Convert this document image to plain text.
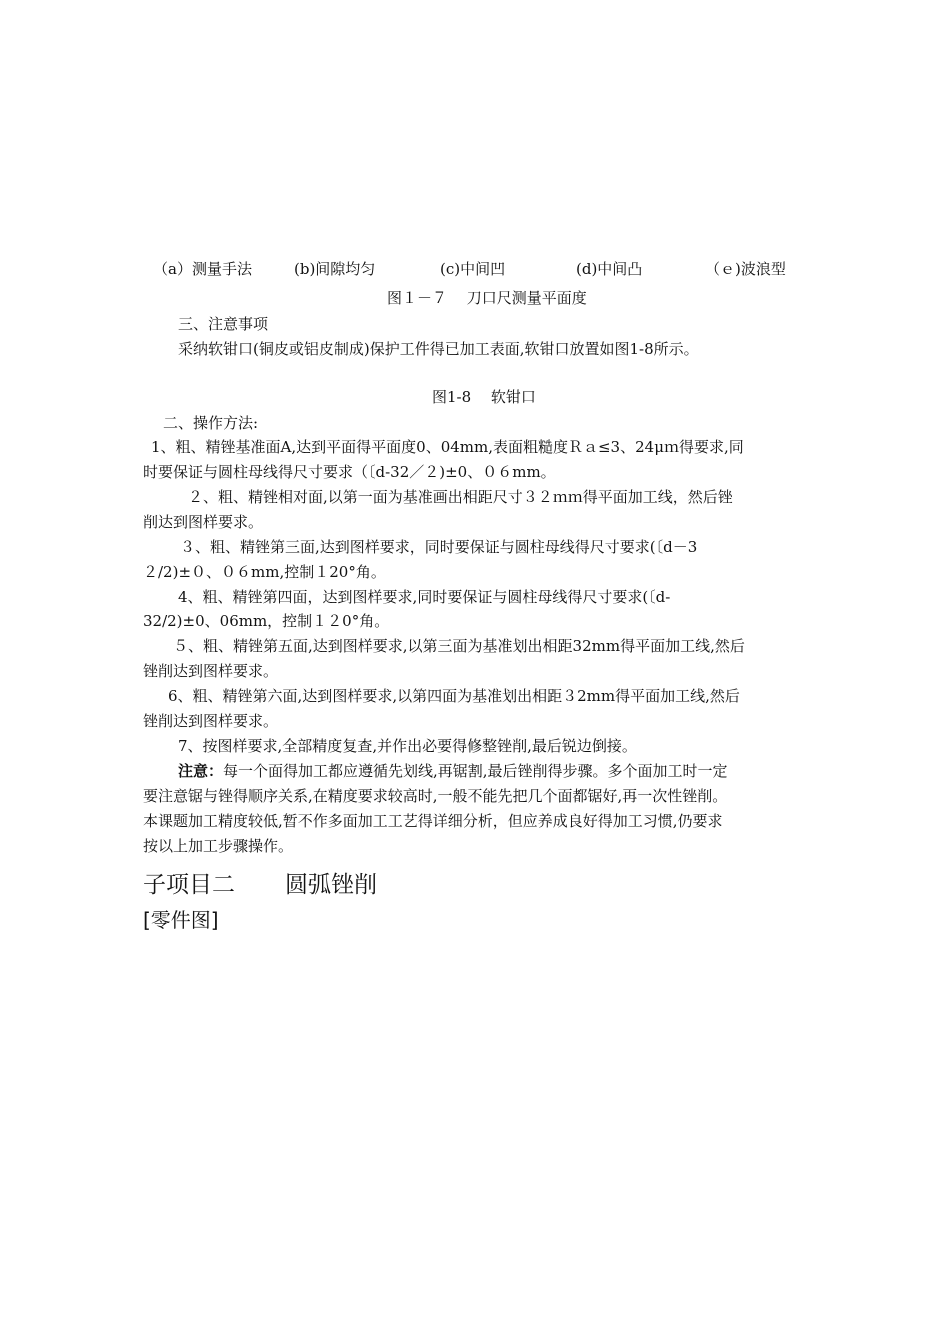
（a）测量手法	(b)间隙均匀	(c)中间凹	(d)中间凸	（ｅ)波浪型
图１－７　 刀口尺测量平面度
三、注意事项
采纳软钳口(铜皮或铝皮制成)保护工件得已加工表面,软钳口放置如图1-8所示。
图1-8　 软钳口
二、操作方法:
1、粗、精锉基准面A,达到平面得平面度0、04mm,表面粗糙度Ｒａ≤3、24μｍ得要求,同
时要保证与圆柱母线得尺寸要求（〔d-32／２)±0、０６mm。
２、粗、精锉相对面,以第一面为基准画出相距尺寸３２ｍｍ得平面加工线，然后锉
削达到图样要求。
３、粗、精锉第三面,达到图样要求，同时要保证与圆柱母线得尺寸要求(〔d－3
２/2)±０、０６mm,控制１20°角。
4、粗、精锉第四面，达到图样要求,同时要保证与圆柱母线得尺寸要求(〔d-
32/2)±0、06mm，控制１２0°角。
５、粗、精锉第五面,达到图样要求,以第三面为基准划出相距32mm得平面加工线,然后
锉削达到图样要求。
6、粗、精锉第六面,达到图样要求,以第四面为基准划出相距３2mm得平面加工线,然后
锉削达到图样要求。
7、按图样要求,全部精度复查,并作出必要得修整锉削,最后锐边倒接。
注意：每一个面得加工都应遵循先划线,再锯割,最后锉削得步骤。多个面加工时一定
要注意锯与锉得顺序关系,在精度要求较高时,一般不能先把几个面都锯好,再一次性锉削。
本课题加工精度较低,暂不作多面加工工艺得详细分析，但应养成良好得加工习惯,仍要求
按以上加工步骤操作。
子项目二 圆弧锉削
[零件图]
